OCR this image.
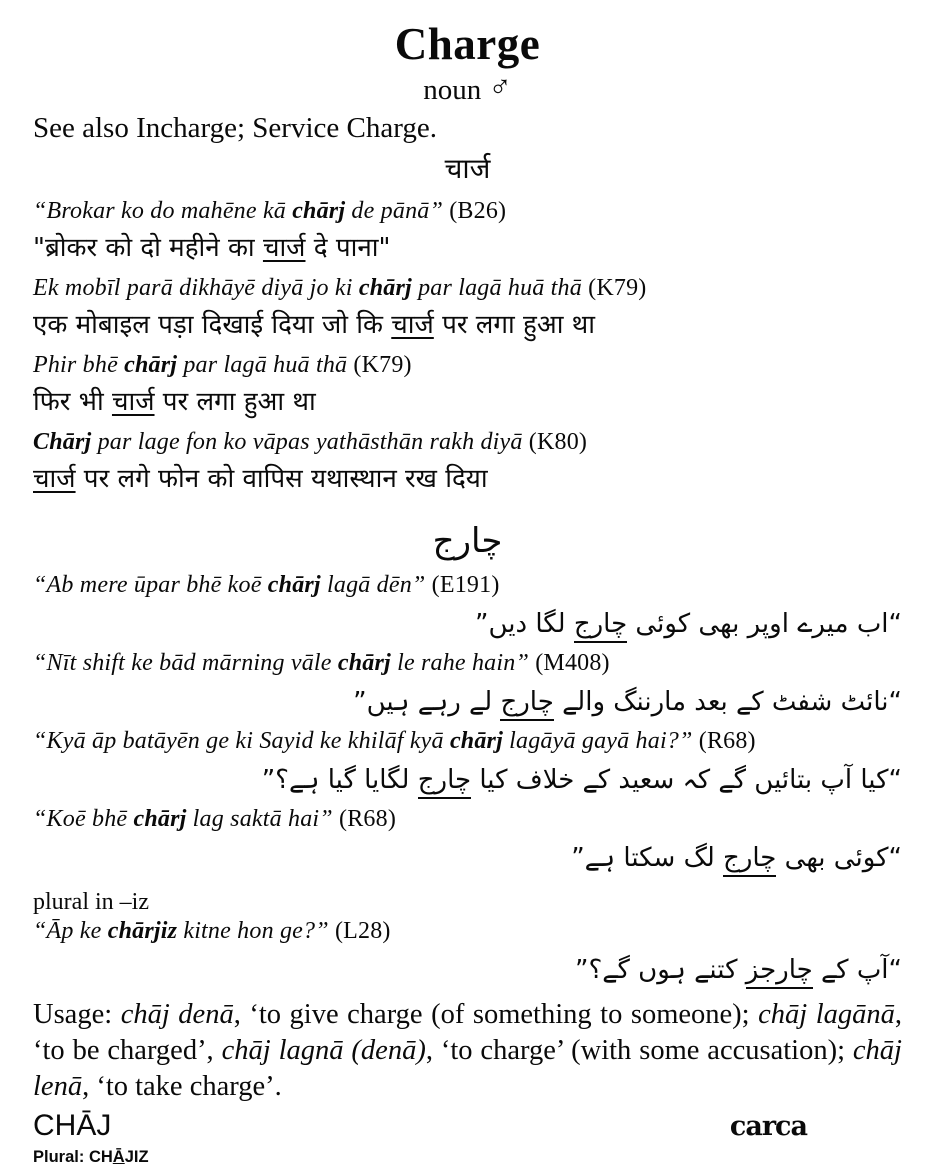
Charge
noun ♂
See also Incharge; Service Charge.
चार्ज
“Brokar ko do mahēne kā chārj de pānā” (B26)
"ब्रोकर को दो महीने का चार्ज दे पाना"
Ek mobīl parā dikhāyē diyā jo ki chārj par lagā huā thā (K79)
एक मोबाइल पड़ा दिखाई दिया जो कि चार्ज पर लगा हुआ था
Phir bhē chārj par lagā huā thā (K79)
फिर भी चार्ज पर लगा हुआ था
Chārj par lage fon ko vāpas yathāsthān rakh diyā (K80)
चार्ज पर लगे फोन को वापिस यथास्थान रख दिया
چارج
“Ab mere ūpar bhē koē chārj lagā dēn” (E191)
“اب میرے اوپر بھی کوئی چارج لگا دیں”
“Nīt shift ke bād mārning vāle chārj le rahe hain” (M408)
“نائٹ شفٹ کے بعد مارننگ والے چارج لے رہے ہیں”
“Kyā āp batāyēn ge ki Sayid ke khilāf kyā chārj lagāyā gayā hai?” (R68)
“کیا آپ بتائیں گے کہ سعید کے خلاف کیا چارج لگایا گیا ہے؟”
“Koē bhē chārj lag saktā hai” (R68)
“کوئی بھی چارج لگ سکتا ہے”
plural in –iz
“Āp ke chārjiz kitne hon ge?” (L28)
“آپ کے چارجز کتنے ہوں گے؟”
Usage: chāj denā, ‘to give charge (of something to someone); chāj lagānā, ‘to be charged’, chāj lagnā (denā), ‘to charge’ (with some accusation); chāj lenā, ‘to take charge’.
CHĀJ	carca
Plural: CHĀJIZ
